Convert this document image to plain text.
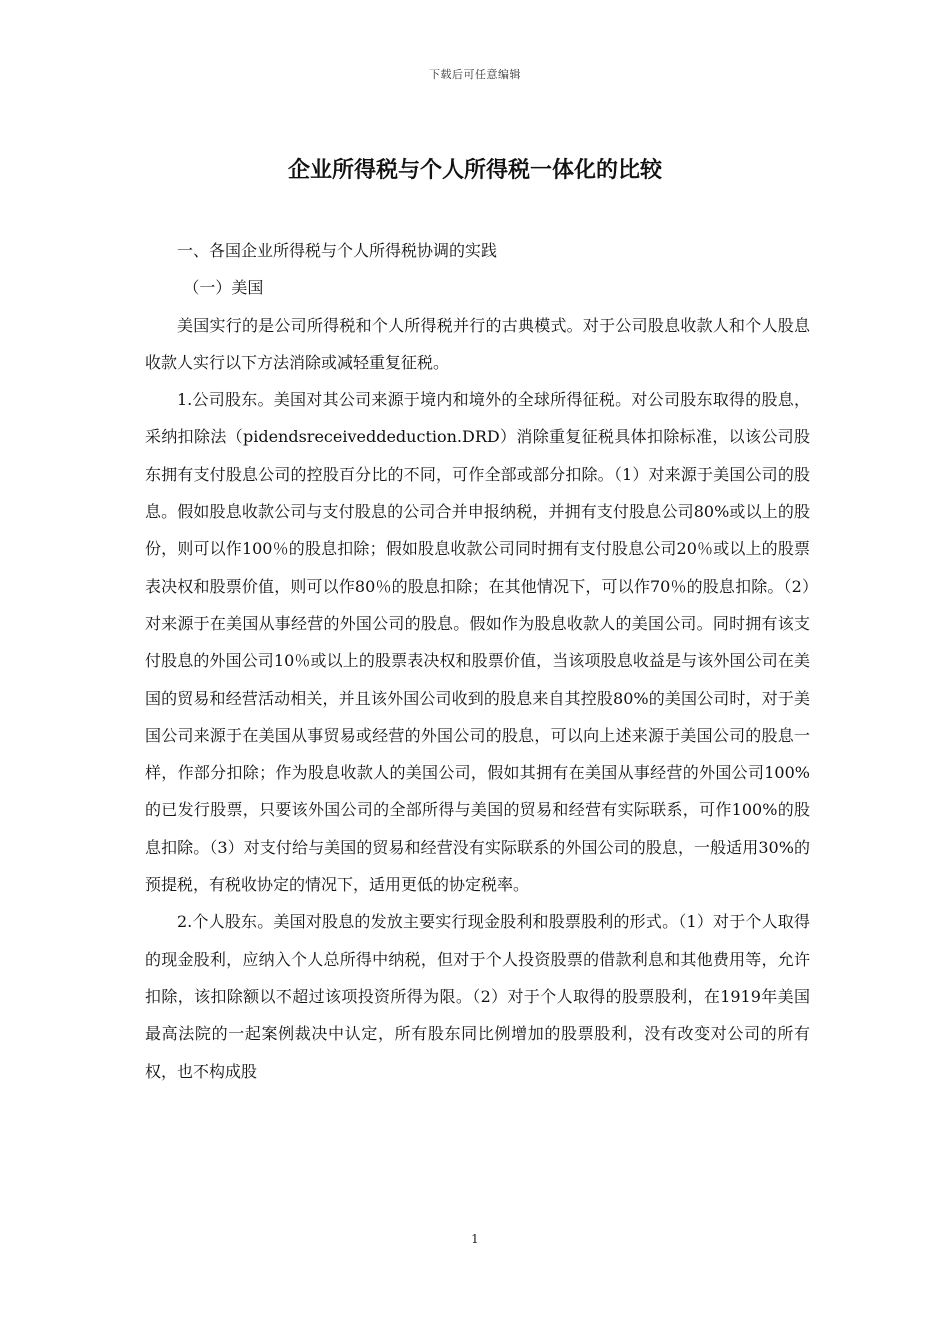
下载后可任意编辑
企业所得税与个人所得税一体化的比较

一、各国企业所得税与个人所得税协调的实践

（一）美国

美国实行的是公司所得税和个人所得税并行的古典模式。对于公司股息收款人和个人股息收款人实行以下方法消除或减轻重复征税。

1.公司股东。美国对其公司来源于境内和境外的全球所得征税。对公司股东取得的股息，采纳扣除法（pidendsreceiveddeduction.DRD）消除重复征税具体扣除标准，以该公司股东拥有支付股息公司的控股百分比的不同，可作全部或部分扣除。（1）对来源于美国公司的股息。假如股息收款公司与支付股息的公司合并申报纳税，并拥有支付股息公司80%或以上的股份，则可以作100％的股息扣除；假如股息收款公司同时拥有支付股息公司20％或以上的股票表决权和股票价值，则可以作80％的股息扣除；在其他情况下，可以作70％的股息扣除。（2）对来源于在美国从事经营的外国公司的股息。假如作为股息收款人的美国公司。同时拥有该支付股息的外国公司10％或以上的股票表决权和股票价值，当该项股息收益是与该外国公司在美国的贸易和经营活动相关，并且该外国公司收到的股息来自其控股80%的美国公司时，对于美国公司来源于在美国从事贸易或经营的外国公司的股息，可以向上述来源于美国公司的股息一样，作部分扣除；作为股息收款人的美国公司，假如其拥有在美国从事经营的外国公司100%的已发行股票，只要该外国公司的全部所得与美国的贸易和经营有实际联系，可作100%的股息扣除。（3）对支付给与美国的贸易和经营没有实际联系的外国公司的股息，一般适用30%的预提税，有税收协定的情况下，适用更低的协定税率。

2.个人股东。美国对股息的发放主要实行现金股利和股票股利的形式。（1）对于个人取得的现金股利，应纳入个人总所得中纳税，但对于个人投资股票的借款利息和其他费用等，允许扣除，该扣除额以不超过该项投资所得为限。（2）对于个人取得的股票股利，在1919年美国最高法院的一起案例裁决中认定，所有股东同比例增加的股票股利，没有改变对公司的所有权，也不构成股

1
